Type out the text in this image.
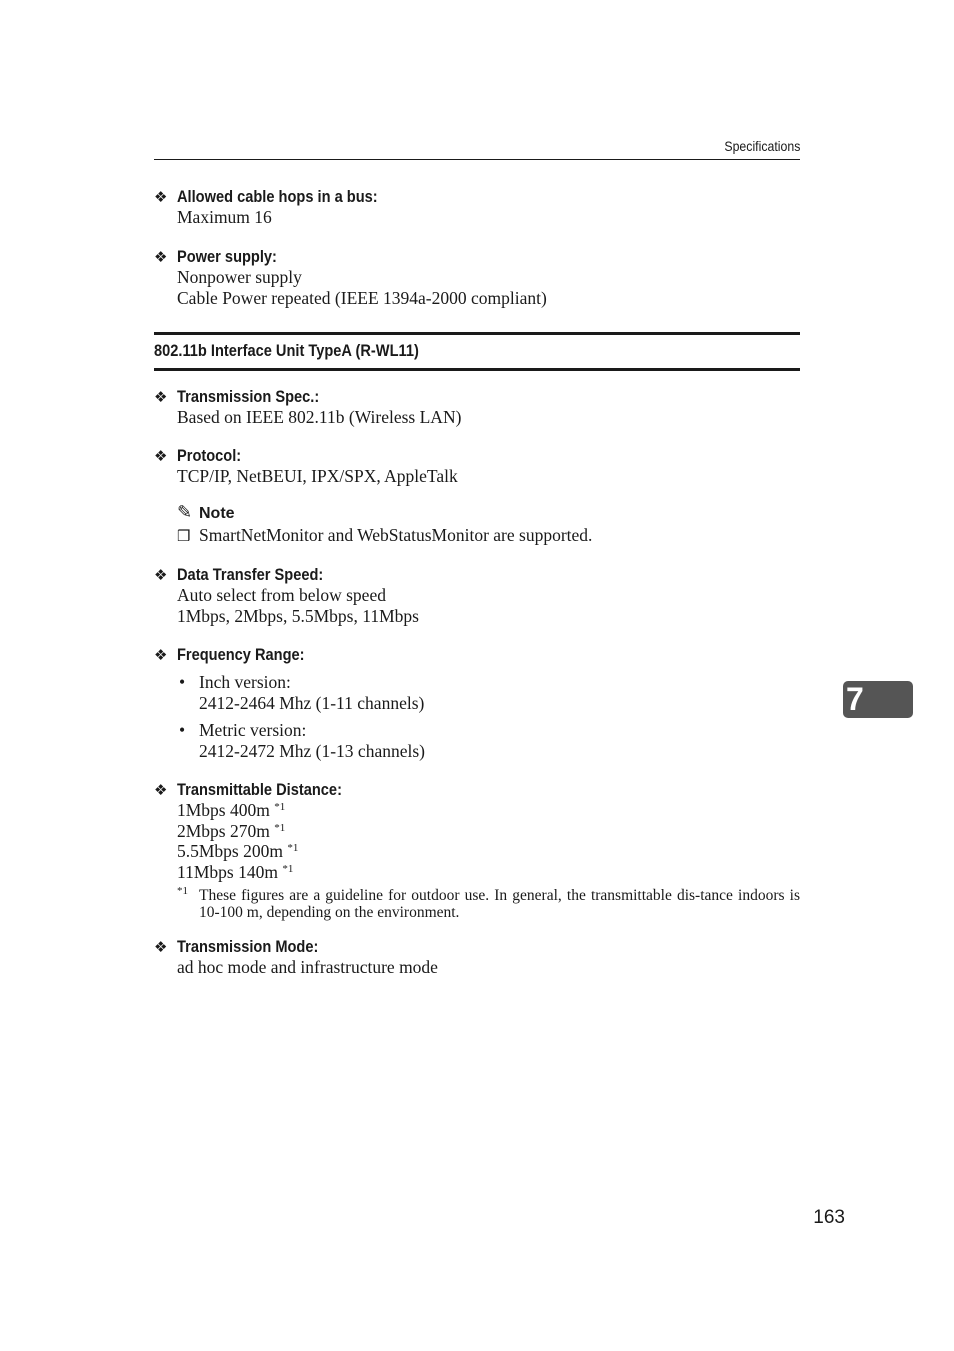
Specifications
❖ Allowed cable hops in a bus:
Maximum 16
❖ Power supply:
Nonpower supply
Cable Power repeated (IEEE 1394a-2000 compliant)
802.11b Interface Unit TypeA (R-WL11)
❖ Transmission Spec.:
Based on IEEE 802.11b (Wireless LAN)
❖ Protocol:
TCP/IP, NetBEUI, IPX/SPX, AppleTalk
✎ Note
❒ SmartNetMonitor and WebStatusMonitor are supported.
❖ Data Transfer Speed:
Auto select from below speed
1Mbps, 2Mbps, 5.5Mbps, 11Mbps
❖ Frequency Range:
• Inch version:
2412-2464 Mhz (1-11 channels)
• Metric version:
2412-2472 Mhz (1-13 channels)
❖ Transmittable Distance:
1Mbps 400m $^{*1}$
2Mbps 270m $^{*1}$
5.5Mbps 200m $^{*1}$
11Mbps 140m $^{*1}$
*1 These figures are a guideline for outdoor use. In general, the transmittable dis-tance indoors is 10-100 m, depending on the environment.
❖ Transmission Mode:
ad hoc mode and infrastructure mode
7
163
